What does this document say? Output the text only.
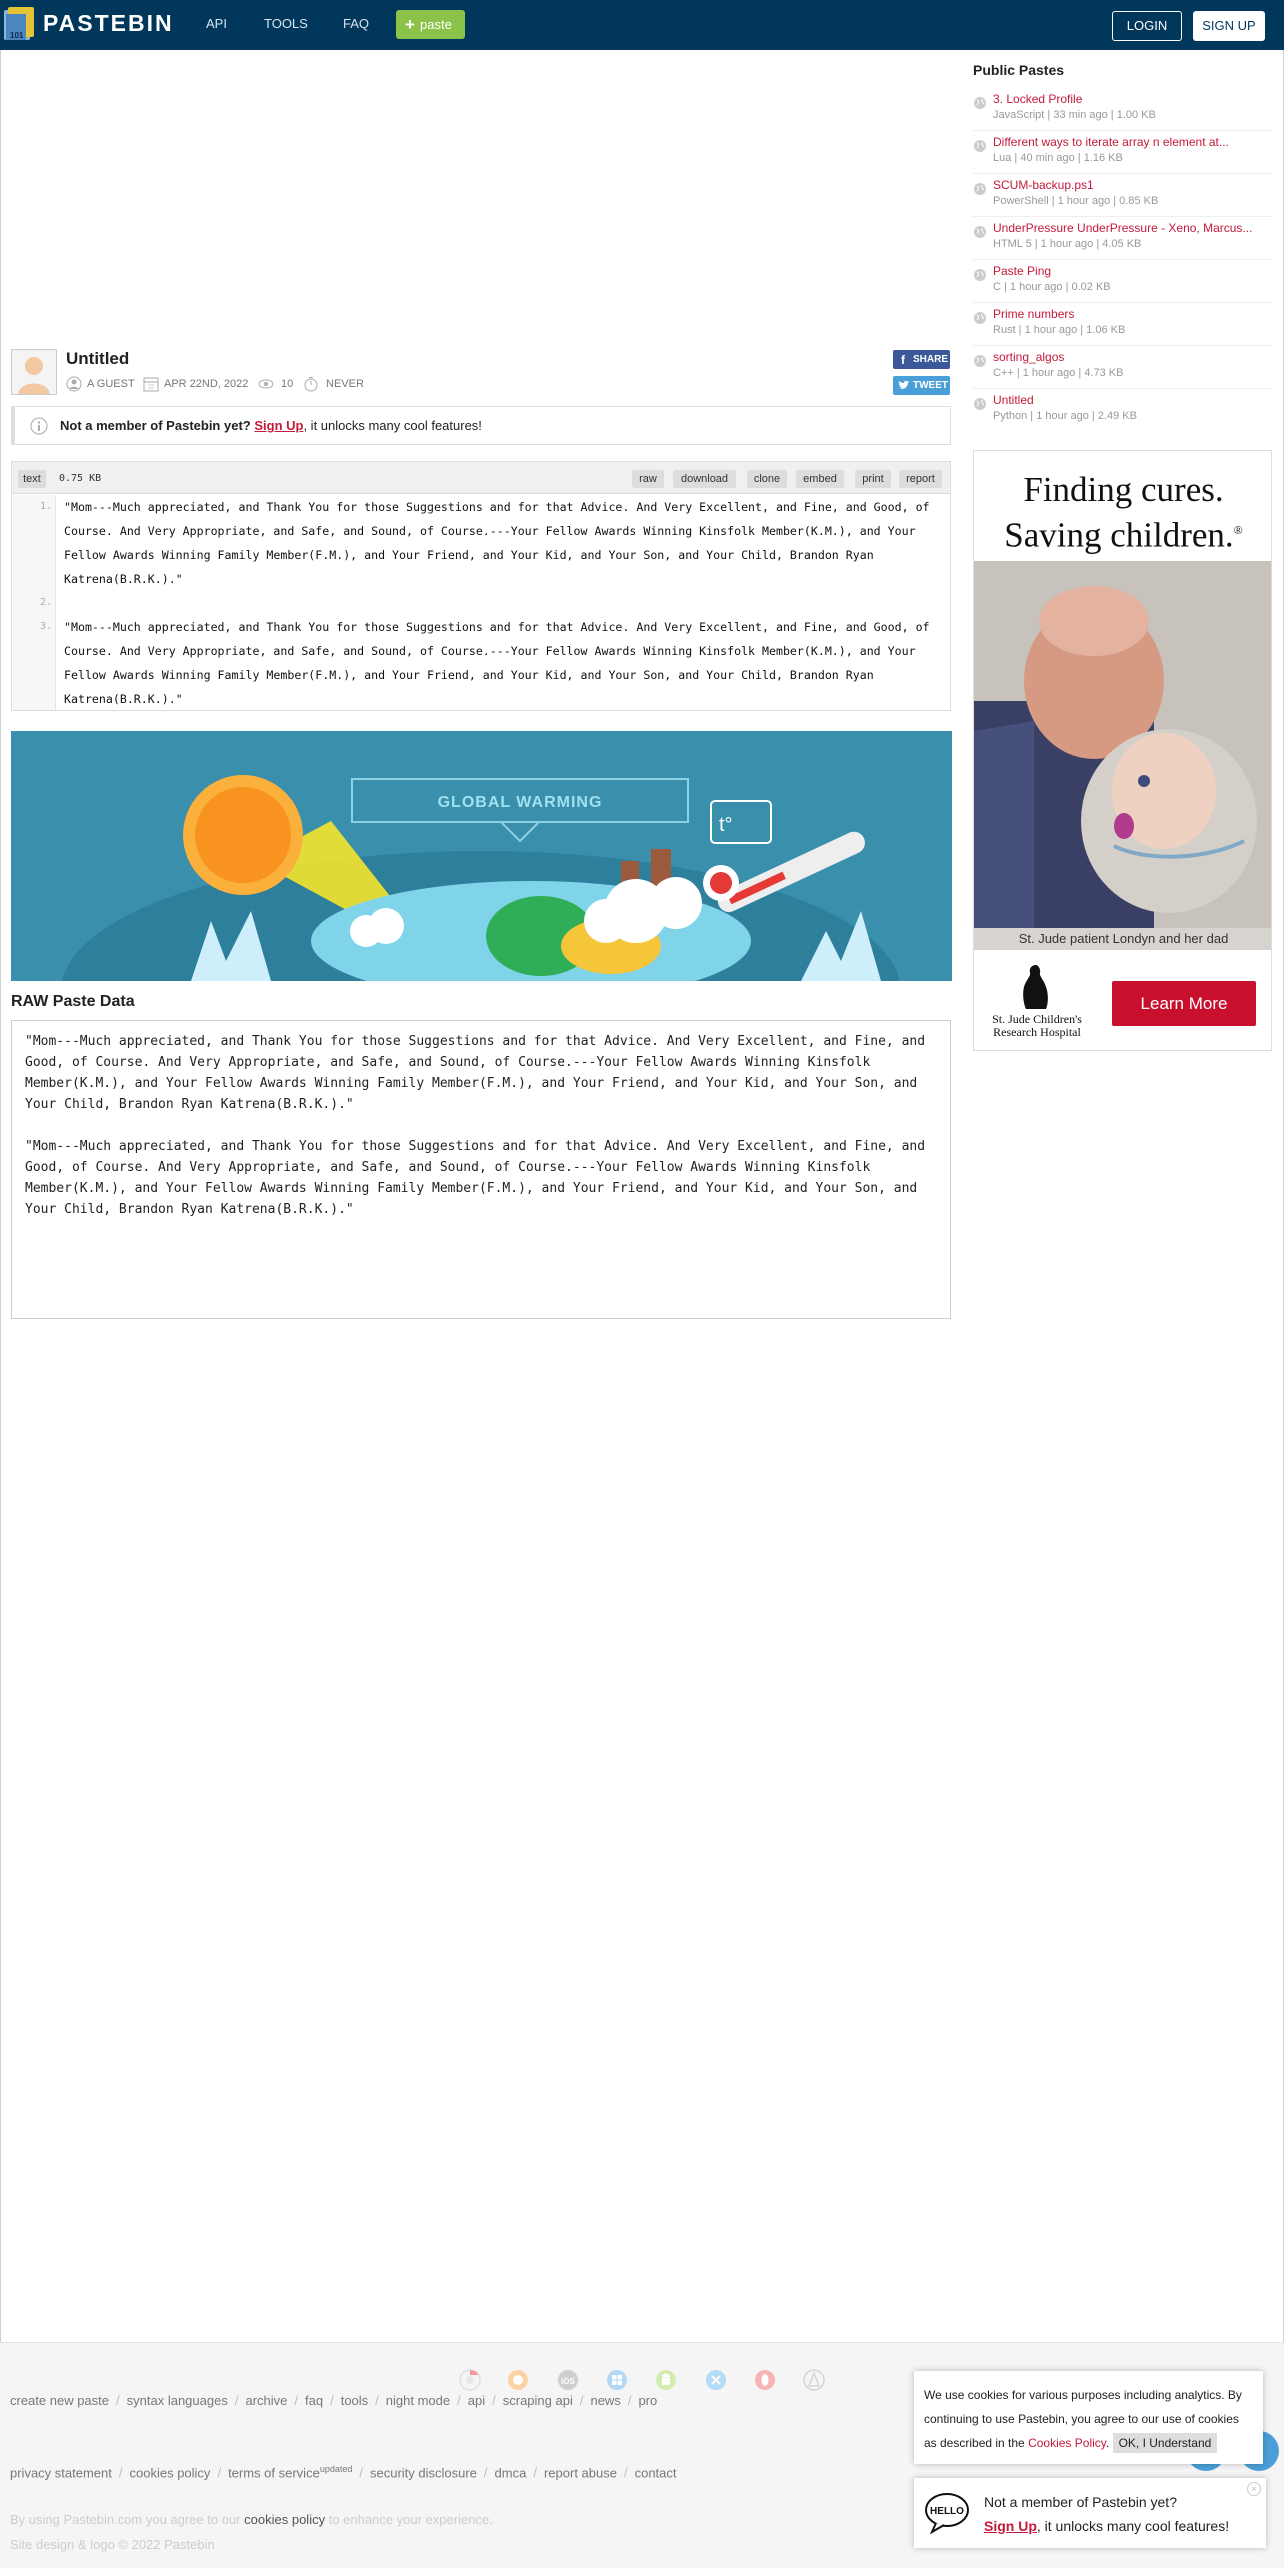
101 PASTEBIN API	TOOLS	FAQ + paste	LOGIN	SIGN UP
Untitled
A GUEST	APR 22ND, 2022	10	NEVER
f SHARE
TWEET
Not a member of Pastebin yet? Sign Up, it unlocks many cool features!
text	0.75 KB	raw	download	clone	embed	print	report
1.
2.
3.
"Mom---Much appreciated, and Thank You for those Suggestions and for that Advice. And Very Excellent, and Fine, and Good, of Course. And Very Appropriate, and Safe, and Sound, of Course.---Your Fellow Awards Winning Kinsfolk Member(K.M.), and Your Fellow Awards Winning Family Member(F.M.), and Your Friend, and Your Kid, and Your Son, and Your Child, Brandon Ryan Katrena(B.R.K.)."
"Mom---Much appreciated, and Thank You for those Suggestions and for that Advice. And Very Excellent, and Fine, and Good, of Course. And Very Appropriate, and Safe, and Sound, of Course.---Your Fellow Awards Winning Kinsfolk Member(K.M.), and Your Fellow Awards Winning Family Member(F.M.), and Your Friend, and Your Kid, and Your Son, and Your Child, Brandon Ryan Katrena(B.R.K.)."
GLOBAL WARMING
t°
RAW Paste Data

"Mom---Much appreciated, and Thank You for those Suggestions and for that Advice. And Very Excellent, and Fine, and Good, of Course. And Very Appropriate, and Safe, and Sound, of Course.---Your Fellow Awards Winning Kinsfolk Member(K.M.), and Your Fellow Awards Winning Family Member(F.M.), and Your Friend, and Your Kid, and Your Son, and Your Child, Brandon Ryan Katrena(B.R.K.)."

"Mom---Much appreciated, and Thank You for those Suggestions and for that Advice. And Very Excellent, and Fine, and Good, of Course. And Very Appropriate, and Safe, and Sound, of Course.---Your Fellow Awards Winning Kinsfolk Member(K.M.), and Your Fellow Awards Winning Family Member(F.M.), and Your Friend, and Your Kid, and Your Son, and Your Child, Brandon Ryan Katrena(B.R.K.)."

Public Pastes
3. Locked Profile
JavaScript | 33 min ago | 1.00 KB
Different ways to iterate array n element at...
Lua | 40 min ago | 1.16 KB
SCUM-backup.ps1
PowerShell | 1 hour ago | 0.85 KB
UnderPressure UnderPressure - Xeno, Marcus...
HTML 5 | 1 hour ago | 4.05 KB
Paste Ping
C | 1 hour ago | 0.02 KB
Prime numbers
Rust | 1 hour ago | 1.06 KB
sorting_algos
C++ | 1 hour ago | 4.73 KB
Untitled
Python | 1 hour ago | 2.49 KB
Finding cures.
Saving children.®
St. Jude patient Londyn and her dad
St. Jude Children's
Research Hospital
Learn More
iOS
create new paste / syntax languages / archive / faq / tools / night mode / api / scraping api / news / pro
privacy statement / cookies policy / terms of service$^{updated}$ / security disclosure / dmca / report abuse / contact
By using Pastebin.com you agree to our cookies policy to enhance your experience.
Site design & logo © 2022 Pastebin
We use cookies for various purposes including analytics. By continuing to use Pastebin, you agree to our use of cookies as described in the Cookies Policy. OK, I Understand
HELLO
Not a member of Pastebin yet?
Sign Up, it unlocks many cool features!
×
